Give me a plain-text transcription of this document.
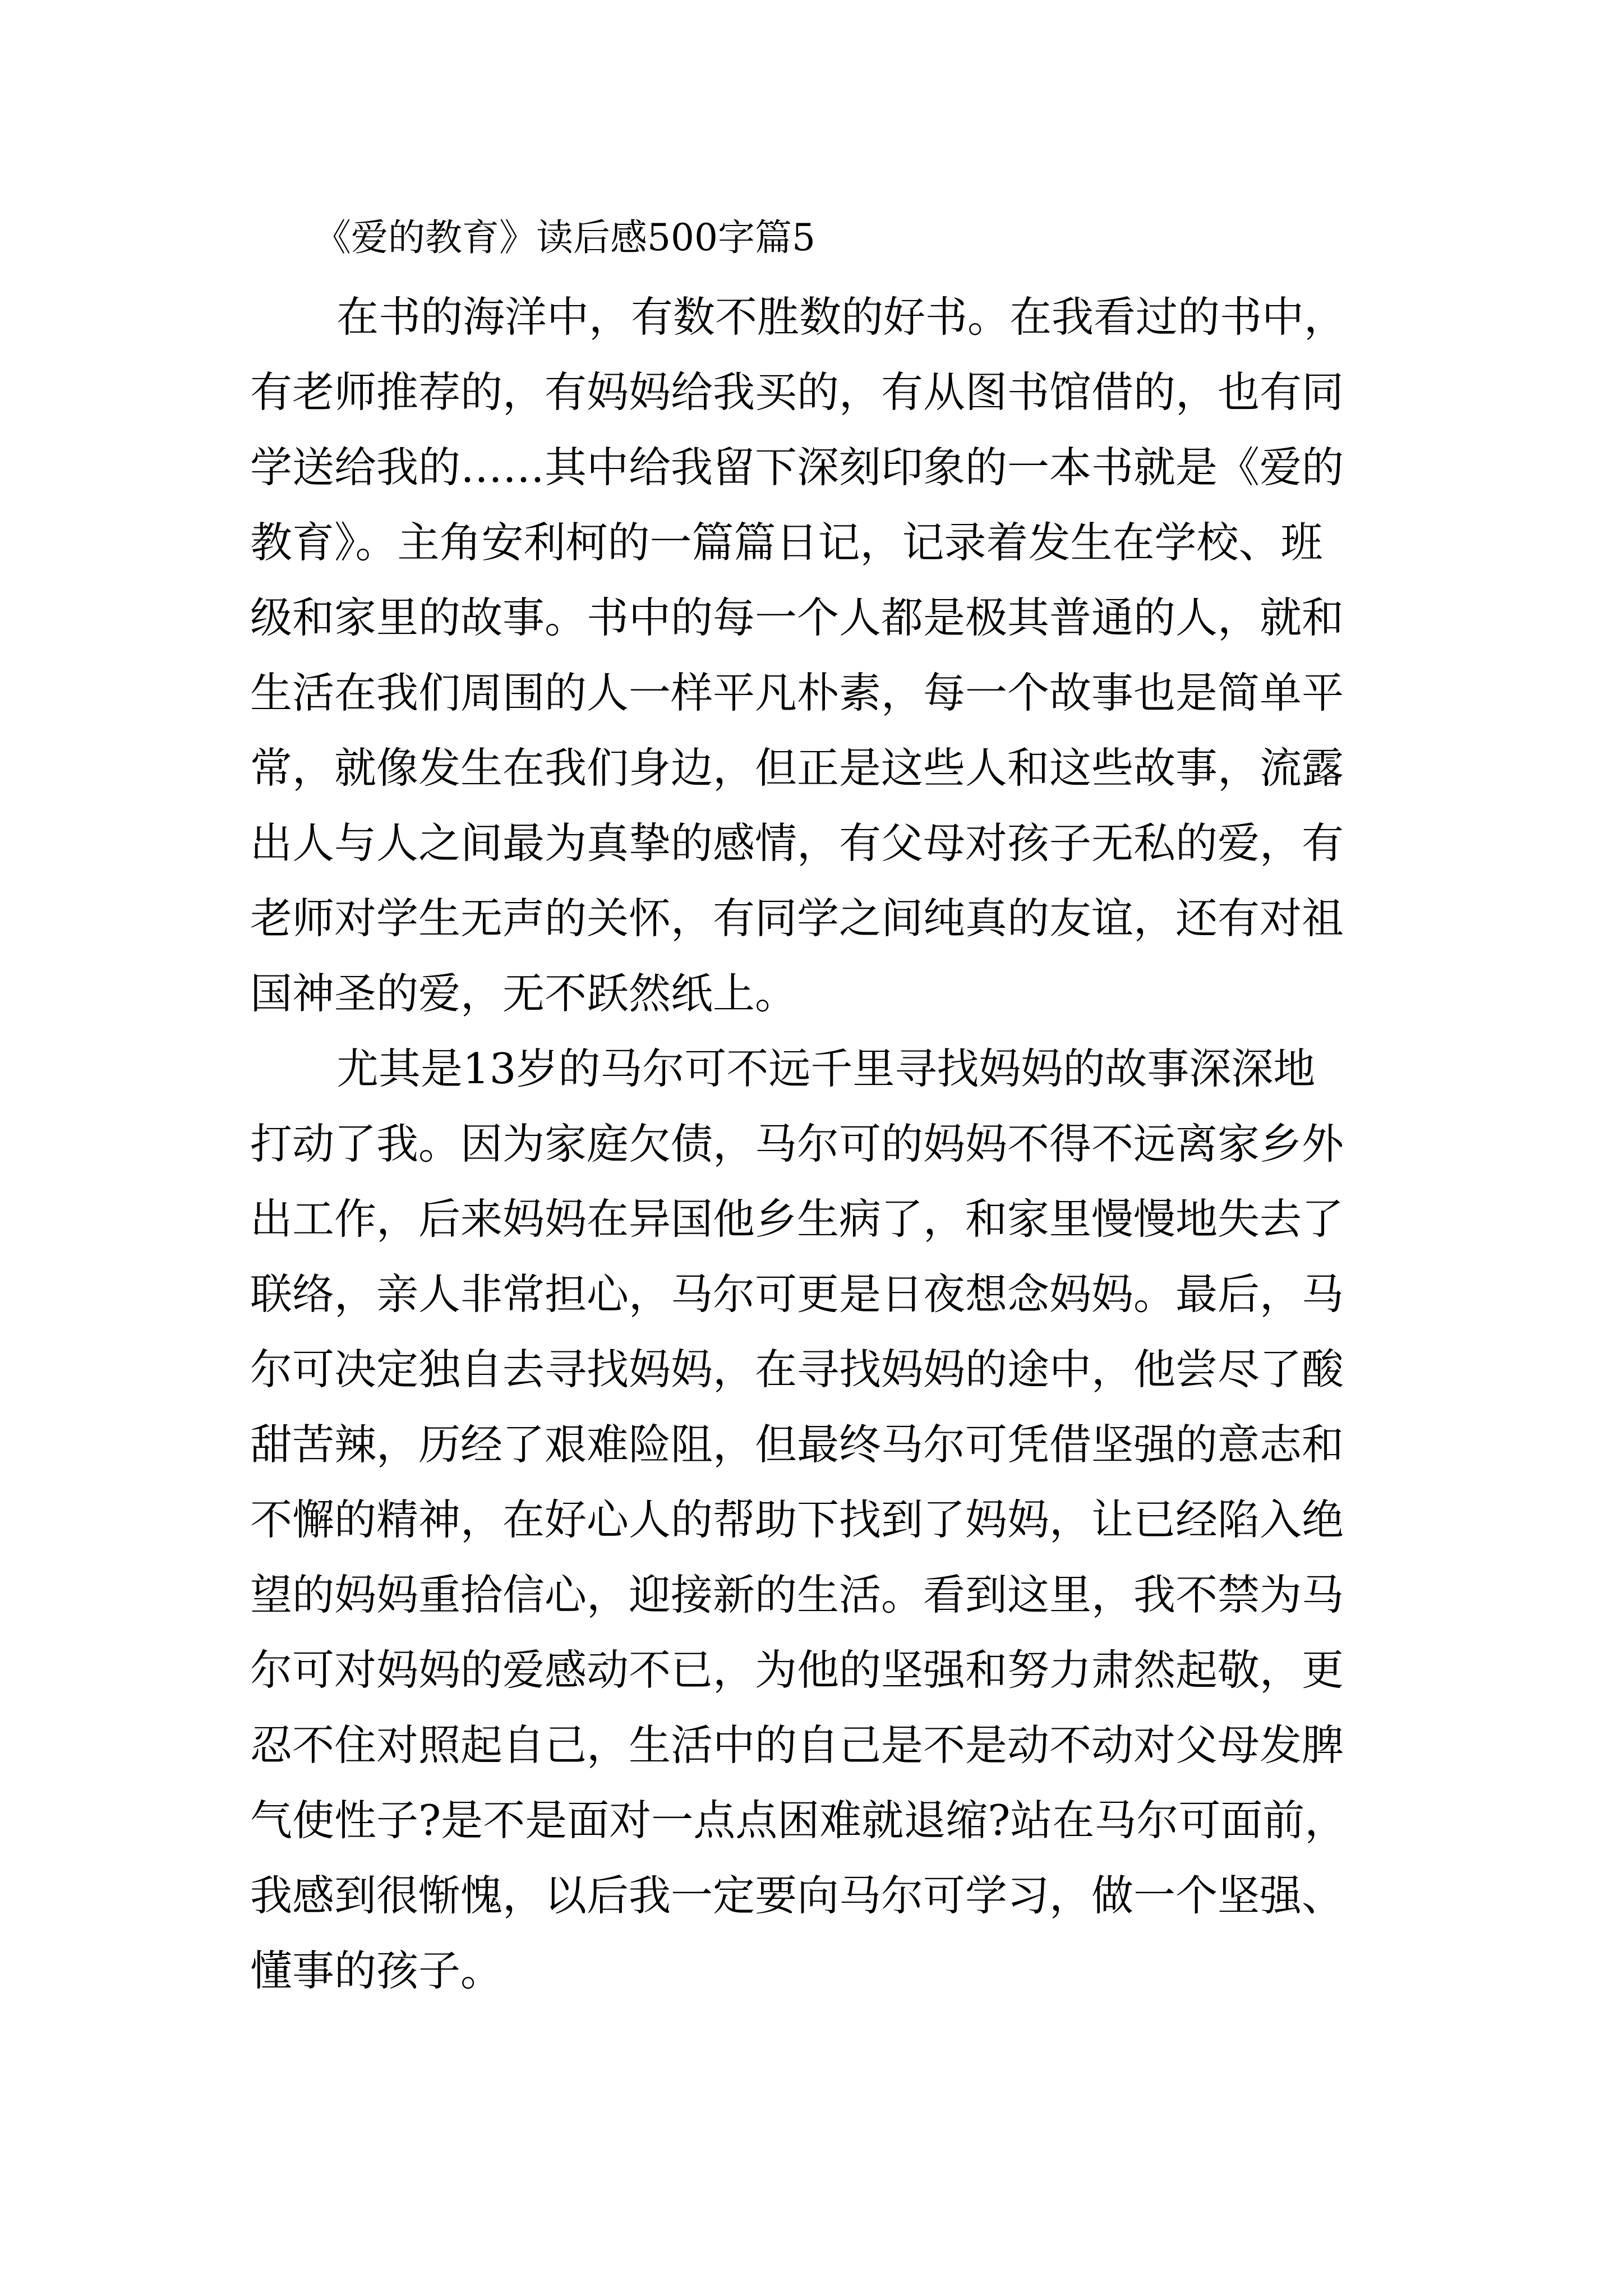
《爱的教育》读后感500字篇5
在书的海洋中，有数不胜数的好书。在我看过的书中，
有老师推荐的，有妈妈给我买的，有从图书馆借的，也有同
学送给我的……其中给我留下深刻印象的一本书就是《爱的
教育》。主角安利柯的一篇篇日记，记录着发生在学校、班
级和家里的故事。书中的每一个人都是极其普通的人，就和
生活在我们周围的人一样平凡朴素，每一个故事也是简单平
常，就像发生在我们身边，但正是这些人和这些故事，流露
出人与人之间最为真挚的感情，有父母对孩子无私的爱，有
老师对学生无声的关怀，有同学之间纯真的友谊，还有对祖
国神圣的爱，无不跃然纸上。
尤其是13岁的马尔可不远千里寻找妈妈的故事深深地
打动了我。因为家庭欠债，马尔可的妈妈不得不远离家乡外
出工作，后来妈妈在异国他乡生病了，和家里慢慢地失去了
联络，亲人非常担心，马尔可更是日夜想念妈妈。最后，马
尔可决定独自去寻找妈妈，在寻找妈妈的途中，他尝尽了酸
甜苦辣，历经了艰难险阻，但最终马尔可凭借坚强的意志和
不懈的精神，在好心人的帮助下找到了妈妈，让已经陷入绝
望的妈妈重拾信心，迎接新的生活。看到这里，我不禁为马
尔可对妈妈的爱感动不已，为他的坚强和努力肃然起敬，更
忍不住对照起自己，生活中的自己是不是动不动对父母发脾
气使性子?是不是面对一点点困难就退缩?站在马尔可面前，
我感到很惭愧，以后我一定要向马尔可学习，做一个坚强、
懂事的孩子。
